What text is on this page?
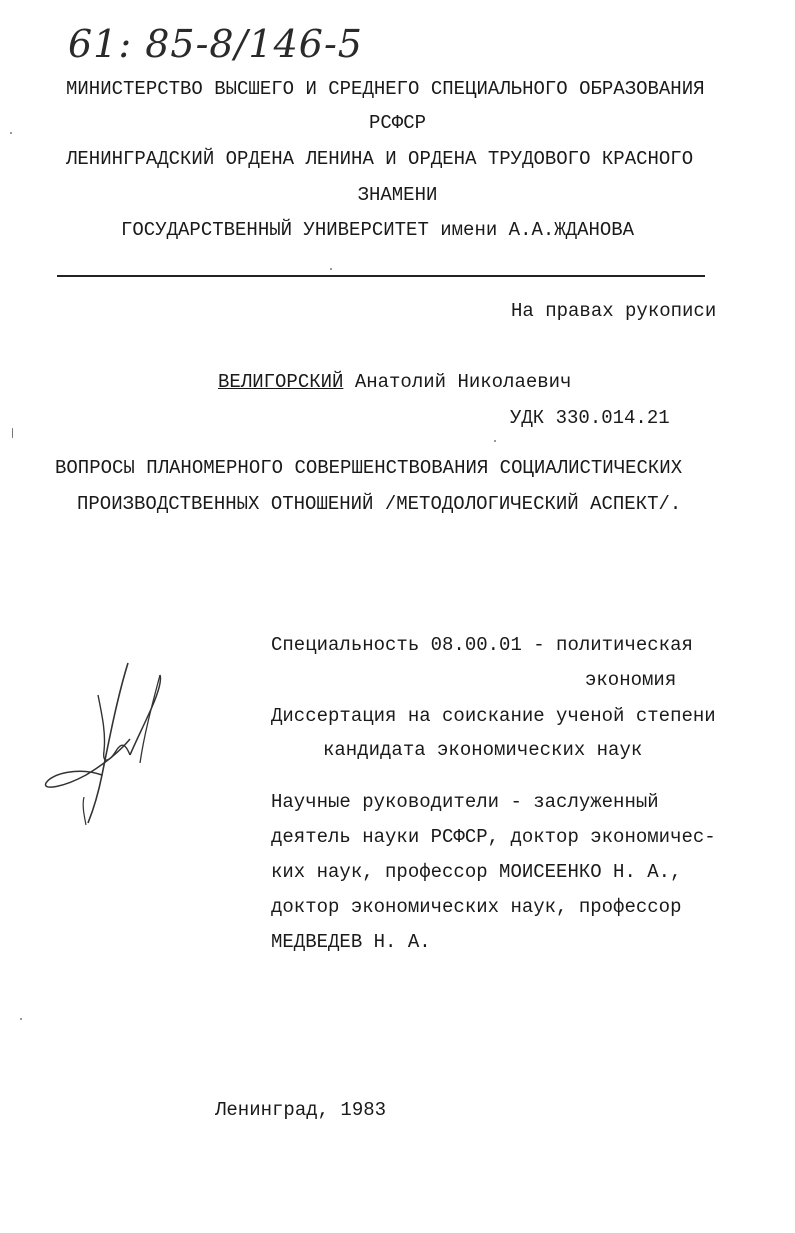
61: 85-8/146-5
МИНИСТЕРСТВО ВЫСШЕГО И СРЕДНЕГО СПЕЦИАЛЬНОГО ОБРАЗОВАНИЯ
РСФСР
ЛЕНИНГРАДСКИЙ ОРДЕНА ЛЕНИНА И ОРДЕНА ТРУДОВОГО КРАСНОГО
ЗНАМЕНИ
ГОСУДАРСТВЕННЫЙ УНИВЕРСИТЕТ имени А.А.ЖДАНОВА
На правах рукописи
ВЕЛИГОРСКИЙ Анатолий Николаевич
УДК 330.014.21
ВОПРОСЫ ПЛАНОМЕРНОГО СОВЕРШЕНСТВОВАНИЯ СОЦИАЛИСТИЧЕСКИХ
ПРОИЗВОДСТВЕННЫХ ОТНОШЕНИЙ /МЕТОДОЛОГИЧЕСКИЙ АСПЕКТ/.
Специальность 08.00.01 - политическая
экономия
Диссертация на соискание ученой степени
кандидата экономических наук
Научные руководители - заслуженный
деятель науки РСФСР, доктор экономичес-
ких наук, профессор МОИСЕЕНКО Н. А.,
доктор экономических наук, профессор
МЕДВЕДЕВ Н. А.
Ленинград, 1983
